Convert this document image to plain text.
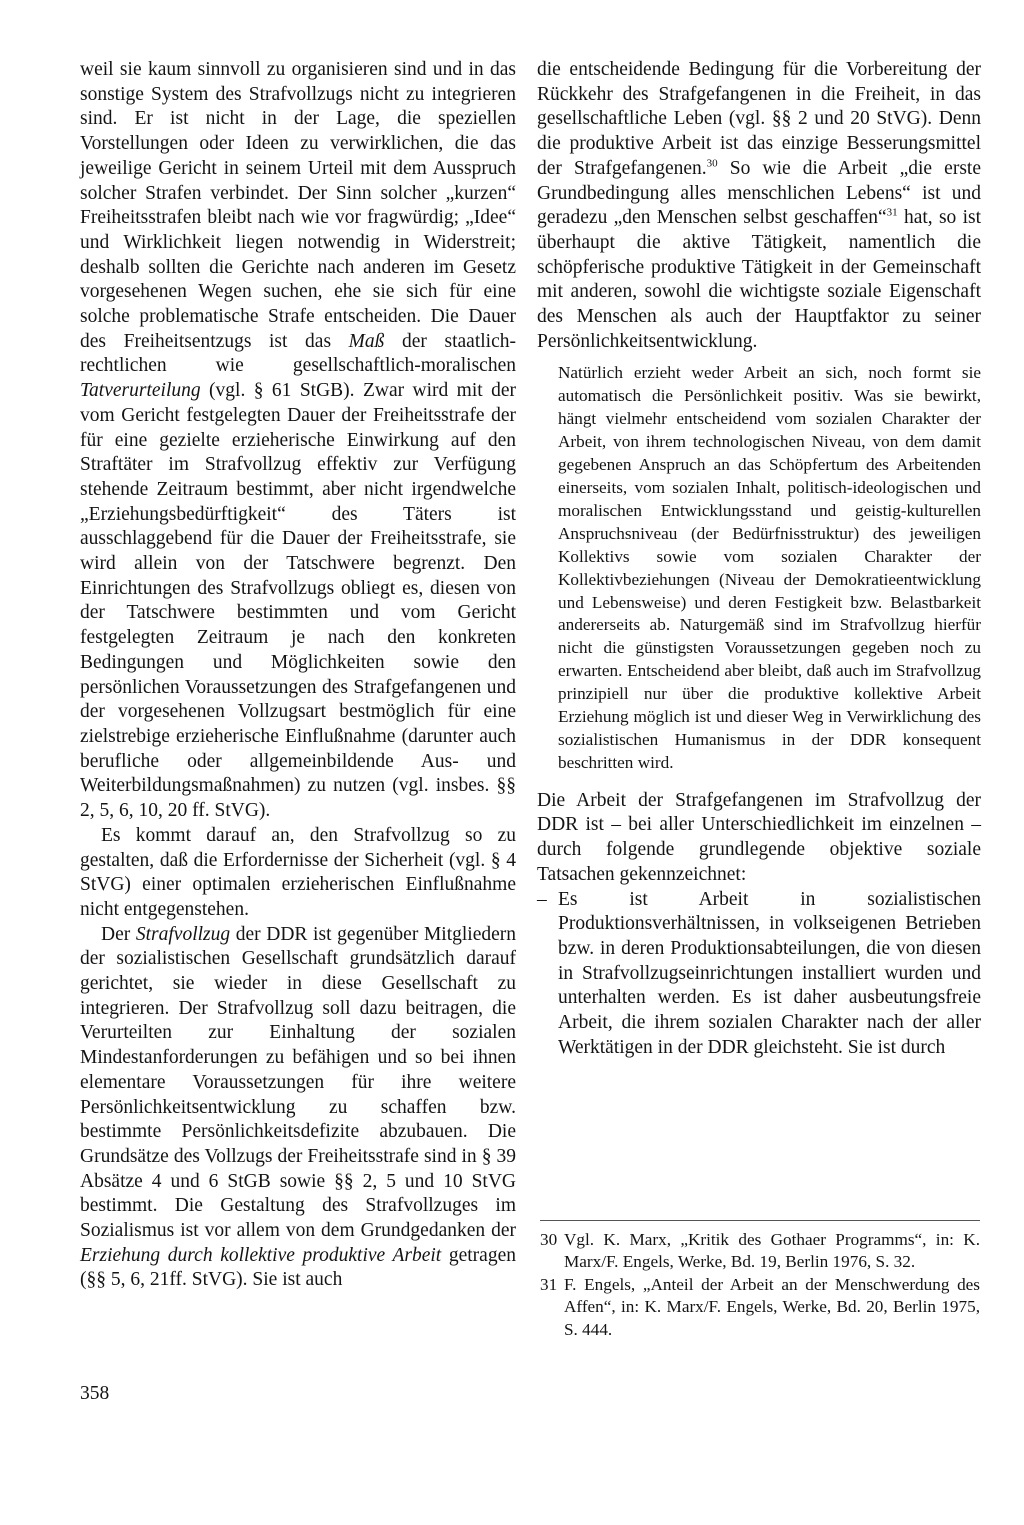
weil sie kaum sinnvoll zu organisieren sind und in das sonstige System des Strafvollzugs nicht zu integrieren sind. Er ist nicht in der Lage, die speziellen Vorstellungen oder Ideen zu verwirklichen, die das jeweilige Gericht in seinem Urteil mit dem Ausspruch solcher Strafen verbindet. Der Sinn solcher „kurzen“ Freiheitsstrafen bleibt nach wie vor fragwürdig; „Idee“ und Wirklichkeit liegen notwendig in Widerstreit; deshalb sollten die Gerichte nach anderen im Gesetz vorgesehenen Wegen suchen, ehe sie sich für eine solche problematische Strafe entscheiden. Die Dauer des Freiheitsentzugs ist das Maß der staatlich-rechtlichen wie gesellschaftlich-moralischen Tatverurteilung (vgl. § 61 StGB). Zwar wird mit der vom Gericht festgelegten Dauer der Freiheitsstrafe der für eine gezielte erzieherische Einwirkung auf den Straftäter im Strafvollzug effektiv zur Verfügung stehende Zeitraum bestimmt, aber nicht irgendwelche „Erziehungsbedürftigkeit“ des Täters ist ausschlaggebend für die Dauer der Freiheitsstrafe, sie wird allein von der Tatschwere begrenzt. Den Einrichtungen des Strafvollzugs obliegt es, diesen von der Tatschwere bestimmten und vom Gericht festgelegten Zeitraum je nach den konkreten Bedingungen und Möglichkeiten sowie den persönlichen Voraussetzungen des Strafgefangenen und der vorgesehenen Vollzugsart bestmöglich für eine zielstrebige erzieherische Einflußnahme (darunter auch berufliche oder allgemeinbildende Aus- und Weiterbildungsmaßnahmen) zu nutzen (vgl. insbes. §§ 2, 5, 6, 10, 20 ff. StVG).

Es kommt darauf an, den Strafvollzug so zu gestalten, daß die Erfordernisse der Sicherheit (vgl. § 4 StVG) einer optimalen erzieherischen Einflußnahme nicht entgegenstehen.

Der Strafvollzug der DDR ist gegenüber Mitgliedern der sozialistischen Gesellschaft grundsätzlich darauf gerichtet, sie wieder in diese Gesellschaft zu integrieren. Der Strafvollzug soll dazu beitragen, die Verurteilten zur Einhaltung der sozialen Mindestanforderungen zu befähigen und so bei ihnen elementare Voraussetzungen für ihre weitere Persönlichkeitsentwicklung zu schaffen bzw. bestimmte Persönlichkeitsdefizite abzubauen. Die Grundsätze des Vollzugs der Freiheitsstrafe sind in § 39 Absätze 4 und 6 StGB sowie §§ 2, 5 und 10 StVG bestimmt. Die Gestaltung des Strafvollzuges im Sozialismus ist vor allem von dem Grundgedanken der Erziehung durch kollektive produktive Arbeit getragen (§§ 5, 6, 21ff. StVG). Sie ist auch

die entscheidende Bedingung für die Vorbereitung der Rückkehr des Strafgefangenen in die Freiheit, in das gesellschaftliche Leben (vgl. §§ 2 und 20 StVG). Denn die produktive Arbeit ist das einzige Besserungsmittel der Strafgefangenen.$^{30}$ So wie die Arbeit „die erste Grundbedingung alles menschlichen Lebens“ ist und geradezu „den Menschen selbst geschaffen“$^{31}$ hat, so ist überhaupt die aktive Tätigkeit, namentlich die schöpferische produktive Tätigkeit in der Gemeinschaft mit anderen, sowohl die wichtigste soziale Eigenschaft des Menschen als auch der Hauptfaktor zu seiner Persönlichkeitsentwicklung.

Natürlich erzieht weder Arbeit an sich, noch formt sie automatisch die Persönlichkeit positiv. Was sie bewirkt, hängt vielmehr entscheidend vom sozialen Charakter der Arbeit, von ihrem technologischen Niveau, von dem damit gegebenen Anspruch an das Schöpfertum des Arbeitenden einerseits, vom sozialen Inhalt, politisch-ideologischen und moralischen Entwicklungsstand und geistig-kulturellen Anspruchsniveau (der Bedürfnisstruktur) des jeweiligen Kollektivs sowie vom sozialen Charakter der Kollektivbeziehungen (Niveau der Demokratieentwicklung und Lebensweise) und deren Festigkeit bzw. Belastbarkeit andererseits ab. Naturgemäß sind im Strafvollzug hierfür nicht die günstigsten Voraussetzungen gegeben noch zu erwarten. Entscheidend aber bleibt, daß auch im Strafvollzug prinzipiell nur über die produktive kollektive Arbeit Erziehung möglich ist und dieser Weg in Verwirklichung des sozialistischen Humanismus in der DDR konsequent beschritten wird.

Die Arbeit der Strafgefangenen im Strafvollzug der DDR ist – bei aller Unterschiedlichkeit im einzelnen – durch folgende grundlegende objektive soziale Tatsachen gekennzeichnet:

– Es ist Arbeit in sozialistischen Produktionsverhältnissen, in volkseigenen Betrieben bzw. in deren Produktionsabteilungen, die von diesen in Strafvollzugseinrichtungen installiert wurden und unterhalten werden. Es ist daher ausbeutungsfreie Arbeit, die ihrem sozialen Charakter nach der aller Werktätigen in der DDR gleichsteht. Sie ist durch
30 Vgl. K. Marx, „Kritik des Gothaer Programms“, in: K. Marx/F. Engels, Werke, Bd. 19, Berlin 1976, S. 32.
31 F. Engels, „Anteil der Arbeit an der Menschwerdung des Affen“, in: K. Marx/F. Engels, Werke, Bd. 20, Berlin 1975, S. 444.
358
